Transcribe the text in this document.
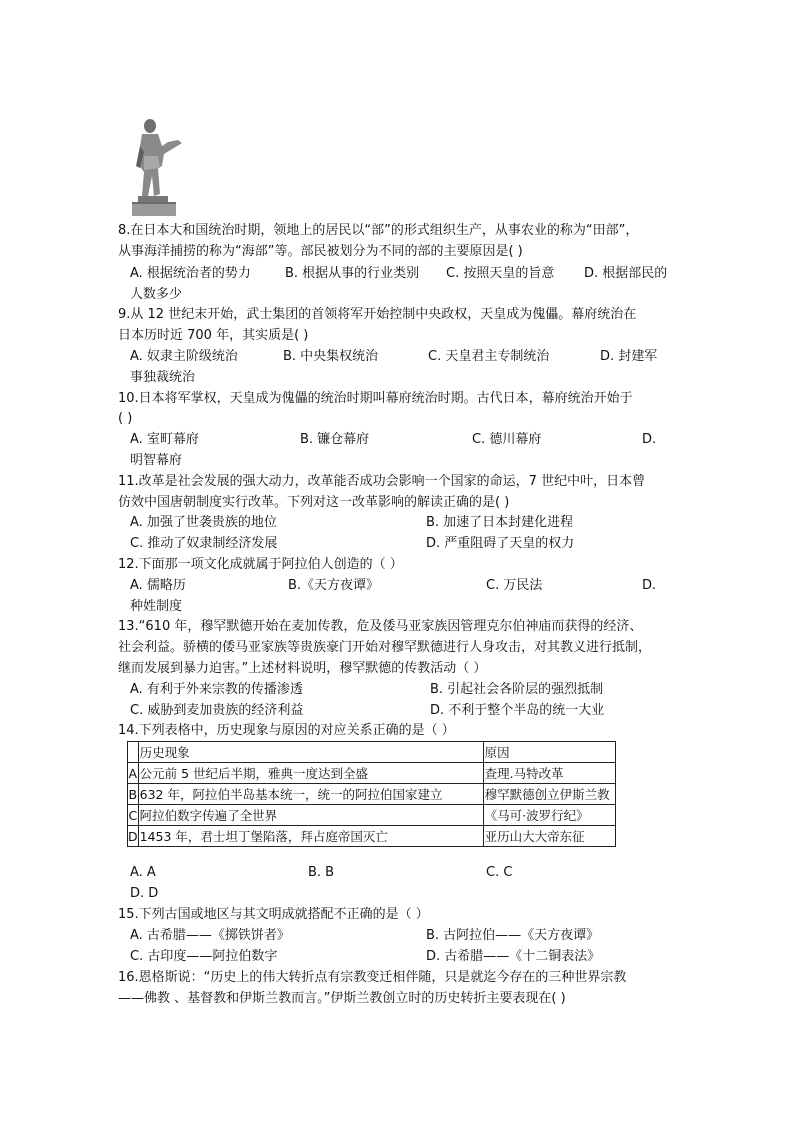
8.在日本大和国统治时期，领地上的居民以“部”的形式组织生产，从事农业的称为“田部”，
从事海洋捕捞的称为“海部”等。部民被划分为不同的部的主要原因是( )
A. 根据统治者的势力	B. 根据从事的行业类别 C. 按照天皇的旨意 D. 根据部民的
人数多少
9.从 12 世纪末开始，武士集团的首领将军开始控制中央政权，天皇成为傀儡。幕府统治在
日本历时近 700 年，其实质是( )
A. 奴隶主阶级统治	B. 中央集权统治	C. 天皇君主专制统治	D. 封建军
事独裁统治
10.日本将军掌权，天皇成为傀儡的统治时期叫幕府统治时期。古代日本，幕府统治开始于
( )
A. 室町幕府	B. 镰仓幕府	C. 德川幕府	D.
明智幕府
11.改革是社会发展的强大动力，改革能否成功会影响一个国家的命运，7 世纪中叶，日本曾
仿效中国唐朝制度实行改革。下列对这一改革影响的解读正确的是( )
A. 加强了世袭贵族的地位	B. 加速了日本封建化进程
C. 推动了奴隶制经济发展	D. 严重阻碍了天皇的权力
12.下面那一项文化成就属于阿拉伯人创造的（ ）
A. 儒略历	B.《天方夜谭》	C. 万民法	D.
种姓制度
13.“610 年，穆罕默德开始在麦加传教，危及倭马亚家族因管理克尔伯神庙而获得的经济、
社会利益。骄横的倭马亚家族等贵族豪门开始对穆罕默德进行人身攻击，对其教义进行抵制，
继而发展到暴力迫害。”上述材料说明，穆罕默德的传教活动（ ）
A. 有利于外来宗教的传播渗透	B. 引起社会各阶层的强烈抵制
C. 威胁到麦加贵族的经济利益	D. 不利于整个半岛的统一大业
14.下列表格中，历史现象与原因的对应关系正确的是（ ）
	历史现象	原因
A	公元前 5 世纪后半期，雅典一度达到全盛	查理.马特改革
B	632 年，阿拉伯半岛基本统一，统一的阿拉伯国家建立	穆罕默德创立伊斯兰教
C	阿拉伯数字传遍了全世界	《马可·波罗行纪》
D	1453 年，君士坦丁堡陷落，拜占庭帝国灭亡	亚历山大大帝东征
A. A	B. B	C. C
D. D
15.下列古国或地区与其文明成就搭配不正确的是（ ）
A. 古希腊——《掷铁饼者》	B. 古阿拉伯——《天方夜谭》
C. 古印度——阿拉伯数字	D. 古希腊——《十二铜表法》
16.恩格斯说：“历史上的伟大转折点有宗教变迁相伴随，只是就迄今存在的三种世界宗教
——佛教 、基督教和伊斯兰教而言。”伊斯兰教创立时的历史转折主要表现在( )
